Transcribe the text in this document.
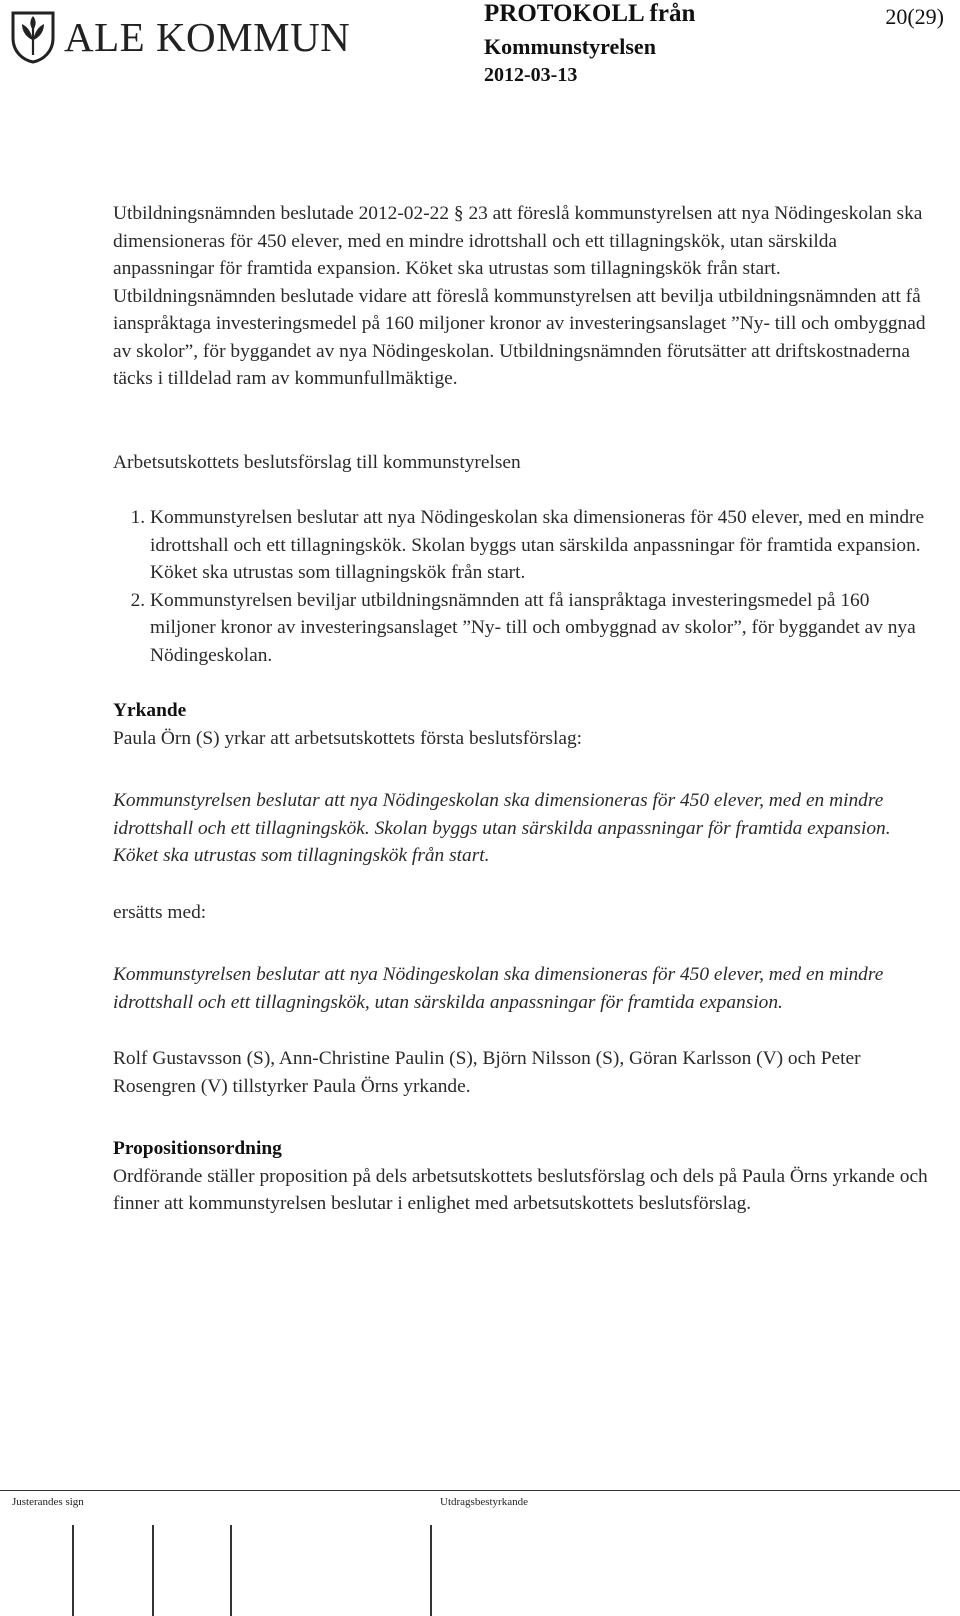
ALE KOMMUN
PROTOKOLL från
Kommunstyrelsen
2012-03-13
20(29)

Utbildningsnämnden beslutade 2012-02-22 § 23 att föreslå kommunstyrelsen att nya Nödingeskolan ska dimensioneras för 450 elever, med en mindre idrottshall och ett tillagningskök, utan särskilda anpassningar för framtida expansion. Köket ska utrustas som tillagningskök från start. Utbildningsnämnden beslutade vidare att föreslå kommunstyrelsen att bevilja utbildningsnämnden att få ianspråktaga investeringsmedel på 160 miljoner kronor av investeringsanslaget ”Ny- till och ombyggnad av skolor”, för byggandet av nya Nödingeskolan. Utbildningsnämnden förutsätter att driftskostnaderna täcks i tilldelad ram av kommunfullmäktige.

Arbetsutskottets beslutsförslag till kommunstyrelsen

1. Kommunstyrelsen beslutar att nya Nödingeskolan ska dimensioneras för 450 elever, med en mindre idrottshall och ett tillagningskök. Skolan byggs utan särskilda anpassningar för framtida expansion. Köket ska utrustas som tillagningskök från start.
2. Kommunstyrelsen beviljar utbildningsnämnden att få ianspråktaga investeringsmedel på 160 miljoner kronor av investeringsanslaget ”Ny- till och ombyggnad av skolor”, för byggandet av nya Nödingeskolan.

Yrkande

Paula Örn (S) yrkar att arbetsutskottets första beslutsförslag:

Kommunstyrelsen beslutar att nya Nödingeskolan ska dimensioneras för 450 elever, med en mindre idrottshall och ett tillagningskök. Skolan byggs utan särskilda anpassningar för framtida expansion. Köket ska utrustas som tillagningskök från start.

ersätts med:

Kommunstyrelsen beslutar att nya Nödingeskolan ska dimensioneras för 450 elever, med en mindre idrottshall och ett tillagningskök, utan särskilda anpassningar för framtida expansion.

Rolf Gustavsson (S), Ann-Christine Paulin (S), Björn Nilsson (S), Göran Karlsson (V) och Peter Rosengren (V) tillstyrker Paula Örns yrkande.

Propositionsordning

Ordförande ställer proposition på dels arbetsutskottets beslutsförslag och dels på Paula Örns yrkande och finner att kommunstyrelsen beslutar i enlighet med arbetsutskottets beslutsförslag.

Justerandes sign	Utdragsbestyrkande
